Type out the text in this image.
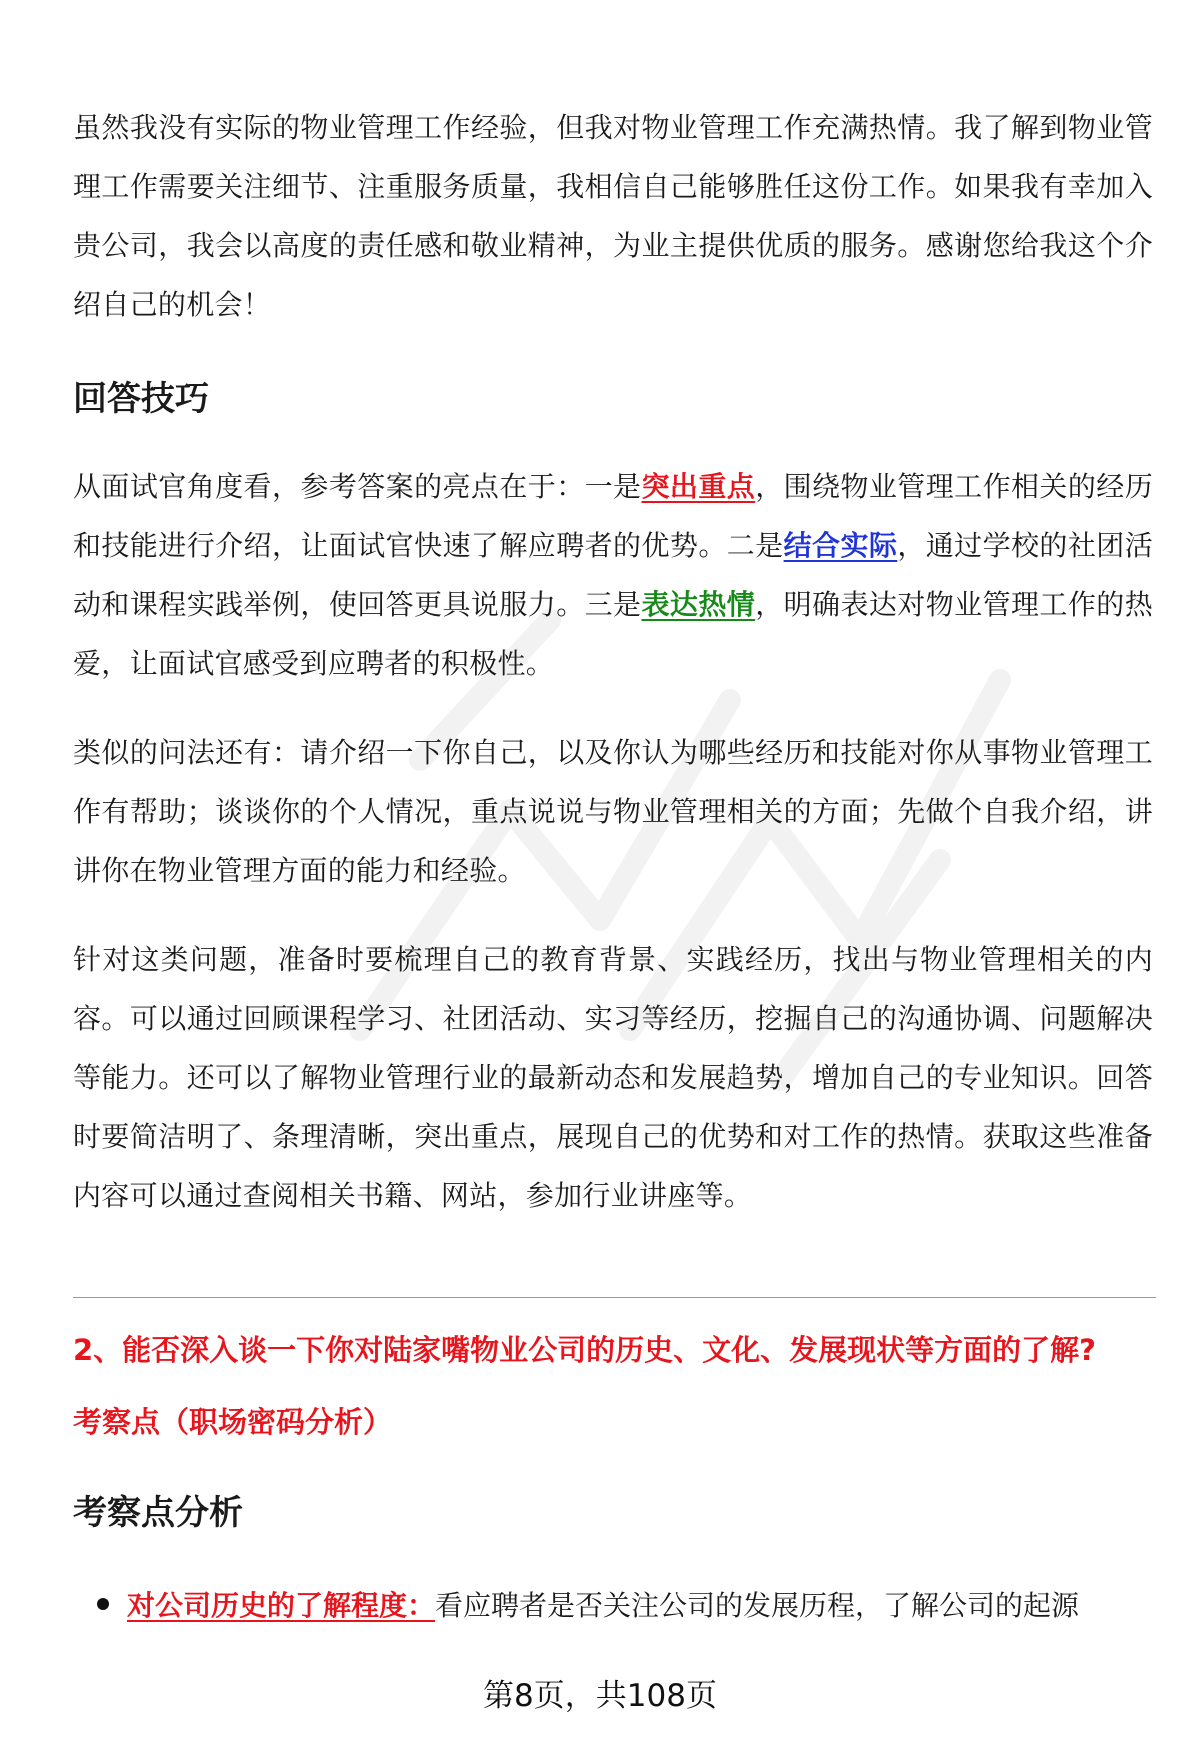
虽然我没有实际的物业管理工作经验，但我对物业管理工作充满热情。我了解到物业管理工作需要关注细节、注重服务质量，我相信自己能够胜任这份工作。如果我有幸加入贵公司，我会以高度的责任感和敬业精神，为业主提供优质的服务。感谢您给我这个介绍自己的机会！

回答技巧

从面试官角度看，参考答案的亮点在于：一是突出重点，围绕物业管理工作相关的经历和技能进行介绍，让面试官快速了解应聘者的优势。二是结合实际，通过学校的社团活动和课程实践举例，使回答更具说服力。三是表达热情，明确表达对物业管理工作的热爱，让面试官感受到应聘者的积极性。

类似的问法还有：请介绍一下你自己，以及你认为哪些经历和技能对你从事物业管理工作有帮助；谈谈你的个人情况，重点说说与物业管理相关的方面；先做个自我介绍，讲讲你在物业管理方面的能力和经验。

针对这类问题，准备时要梳理自己的教育背景、实践经历，找出与物业管理相关的内容。可以通过回顾课程学习、社团活动、实习等经历，挖掘自己的沟通协调、问题解决等能力。还可以了解物业管理行业的最新动态和发展趋势，增加自己的专业知识。回答时要简洁明了、条理清晰，突出重点，展现自己的优势和对工作的热情。获取这些准备内容可以通过查阅相关书籍、网站，参加行业讲座等。

2、能否深入谈一下你对陆家嘴物业公司的历史、文化、发展现状等方面的了解?
考察点（职场密码分析）
考察点分析
对公司历史的了解程度：看应聘者是否关注公司的发展历程，了解公司的起源
第8页，共108页
